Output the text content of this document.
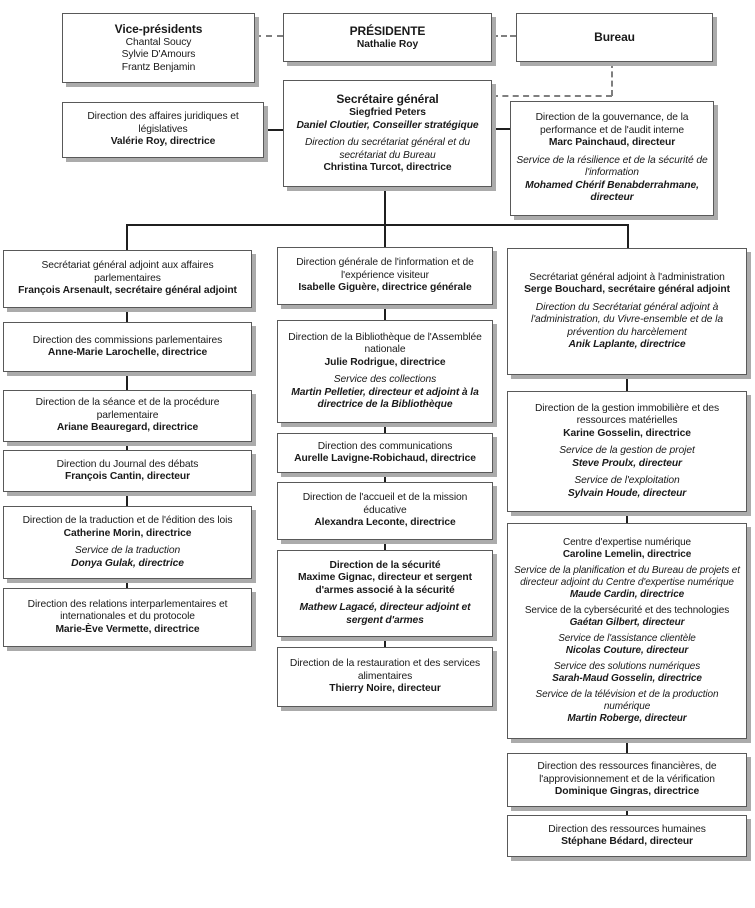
Vice-présidents
Chantal Soucy
Sylvie D'Amours
Frantz Benjamin
PRÉSIDENTE
Nathalie Roy
Bureau
Secrétaire général
Siegfried Peters
Daniel Cloutier, Conseiller stratégique
Direction du secrétariat général et du secrétariat du Bureau
Christina Turcot, directrice
Direction des affaires juridiques et législatives
Valérie Roy, directrice
Direction de la gouvernance, de la performance et de l'audit interne
Marc Painchaud, directeur
Service de la résilience et de la sécurité de l'information
Mohamed Chérif Benabderrahmane, directeur
Secrétariat général adjoint aux affaires parlementaires
François Arsenault, secrétaire général adjoint
Direction des commissions parlementaires
Anne-Marie Larochelle, directrice
Direction de la séance et de la procédure parlementaire
Ariane Beauregard, directrice
Direction du Journal des débats
François Cantin, directeur
Direction de la traduction et de l'édition des lois
Catherine Morin, directrice
Service de la traduction
Donya Gulak, directrice
Direction des relations interparlementaires et internationales et du protocole
Marie-Ève Vermette, directrice
Direction générale de l'information et de l'expérience visiteur
Isabelle Giguère, directrice générale
Direction de la Bibliothèque de l'Assemblée nationale
Julie Rodrigue, directrice
Service des collections
Martin Pelletier, directeur et adjoint à la directrice de la Bibliothèque
Direction des communications
Aurelle Lavigne-Robichaud, directrice
Direction de l'accueil et de la mission éducative
Alexandra Leconte, directrice
Direction de la sécurité
Maxime Gignac, directeur et sergent d'armes associé à la sécurité
Mathew Lagacé, directeur adjoint et sergent d'armes
Direction de la restauration et des services alimentaires
Thierry Noire, directeur
Secrétariat général adjoint à l'administration
Serge Bouchard, secrétaire général adjoint
Direction du Secrétariat général adjoint à l'administration, du Vivre-ensemble et de la prévention du harcèlement
Anik Laplante, directrice
Direction de la gestion immobilière et des ressources matérielles
Karine Gosselin, directrice
Service de la gestion de projet
Steve Proulx, directeur
Service de l'exploitation
Sylvain Houde, directeur
Centre d'expertise numérique
Caroline Lemelin, directrice
Service de la planification et du Bureau de projets et directeur adjoint du Centre d'expertise numérique
Maude Cardin, directrice
Service de la cybersécurité et des technologies
Gaétan Gilbert, directeur
Service de l'assistance clientèle
Nicolas Couture, directeur
Service des solutions numériques
Sarah-Maud Gosselin, directrice
Service de la télévision et de la production numérique
Martin Roberge, directeur
Direction des ressources financières, de l'approvisionnement et de la vérification
Dominique Gingras, directrice
Direction des ressources humaines
Stéphane Bédard, directeur
